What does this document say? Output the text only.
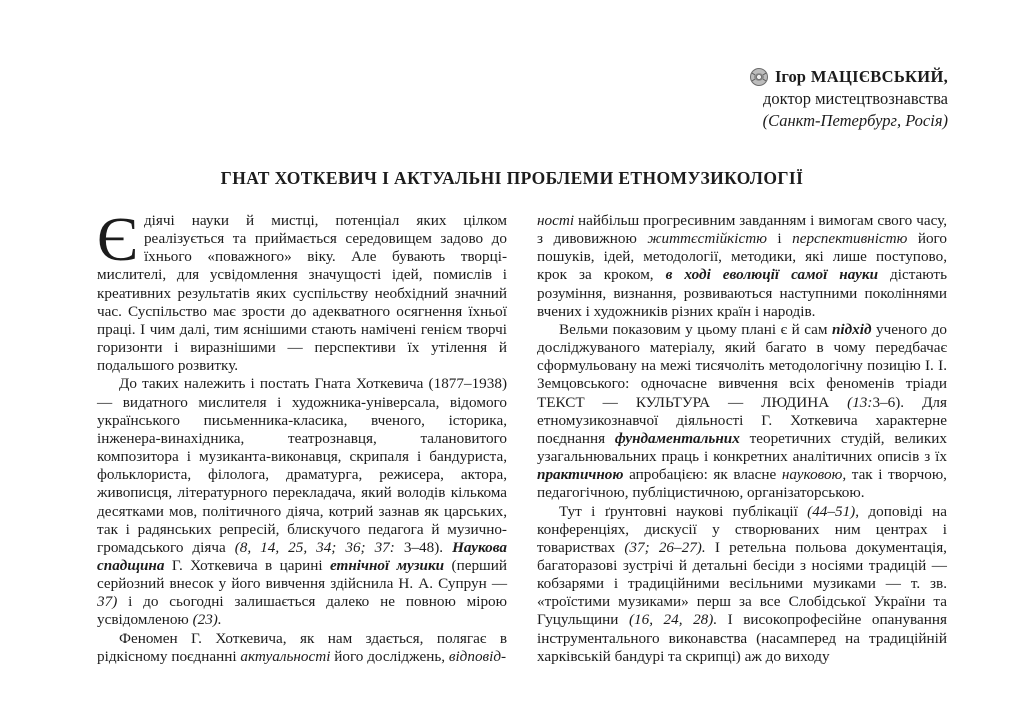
Ігор МАЦІЄВСЬКИЙ,
доктор мистецтвознавства
(Санкт-Петербург, Росія)
ГНАТ ХОТКЕВИЧ І АКТУАЛЬНІ ПРОБЛЕМИ ЕТНОМУЗИКОЛОГІЇ

Єдіячі науки й мистці, потенціал яких цілком реалізується та приймається середовищем задово до їхнього «поважного» віку. Але бувають творці-мислителі, для усвідомлення значущості ідей, помислів і креативних результатів яких суспільству необхідний значний час. Суспільство має зрости до адекватного осягнення їхньої праці. І чим далі, тим яснішими стають намічені генієм творчі горизонти і виразнішими — перспективи їх утілення й подальшого розвитку.

До таких належить і постать Гната Хоткевича (1877–1938) — видатного мислителя і художника-універсала, відомого українського письменника-класика, вченого, історика, інженера-винахідника, театрознавця, талановитого композитора і музиканта-виконавця, скрипаля і бандуриста, фольклориста, філолога, драматурга, режисера, актора, живописця, літературного перекладача, який володів кількома десятками мов, політичного діяча, котрий зазнав як царських, так і радянських репресій, блискучого педагога й музично-громадського діяча (8, 14, 25, 34; 36; 37: 3–48). Наукова спадщина Г. Хоткевича в царині етнічної музики (перший серйозний внесок у його вивчення здійснила Н. А. Супрун — 37) і до сьогодні залишається далеко не повною мірою усвідомленою (23).

Феномен Г. Хоткевича, як нам здається, полягає в рідкісному поєднанні актуальності його досліджень, відповід-

ності найбільш прогресивним завданням і вимогам свого часу, з дивовижною життєстійкістю і перспективністю його пошуків, ідей, методології, методики, які лише поступово, крок за кроком, в ході еволюції самої науки дістають розуміння, визнання, розвиваються наступними поколіннями вчених і художників різних країн і народів.

Вельми показовим у цьому плані є й сам підхід ученого до досліджуваного матеріалу, який багато в чому передбачає сформульовану на межі тисячоліть методологічну позицію І. І. Земцовського: одночасне вивчення всіх феноменів тріади ТЕКСТ — КУЛЬТУРА — ЛЮДИНА (13:3–6). Для етномузикознавчої діяльності Г. Хоткевича характерне поєднання фундаментальних теоретичних студій, великих узагальнювальних праць і конкретних аналітичних описів з їх практичною апробацією: як власне науковою, так і творчою, педагогічною, публіцистичною, організаторською.

Тут і ґрунтовні наукові публікації (44–51), доповіді на конференціях, дискусії у створюваних ним центрах і товариствах (37; 26–27). І ретельна польова документація, багаторазові зустрічі й детальні бесіди з носіями традицій — кобзарями і традиційними весільними музиками — т. зв. «троїстими музиками» перш за все Слобідської України та Гуцульщини (16, 24, 28). І високопрофесійне опанування інструментального виконавства (насамперед на традиційній харківській бандурі та скрипці) аж до виходу
